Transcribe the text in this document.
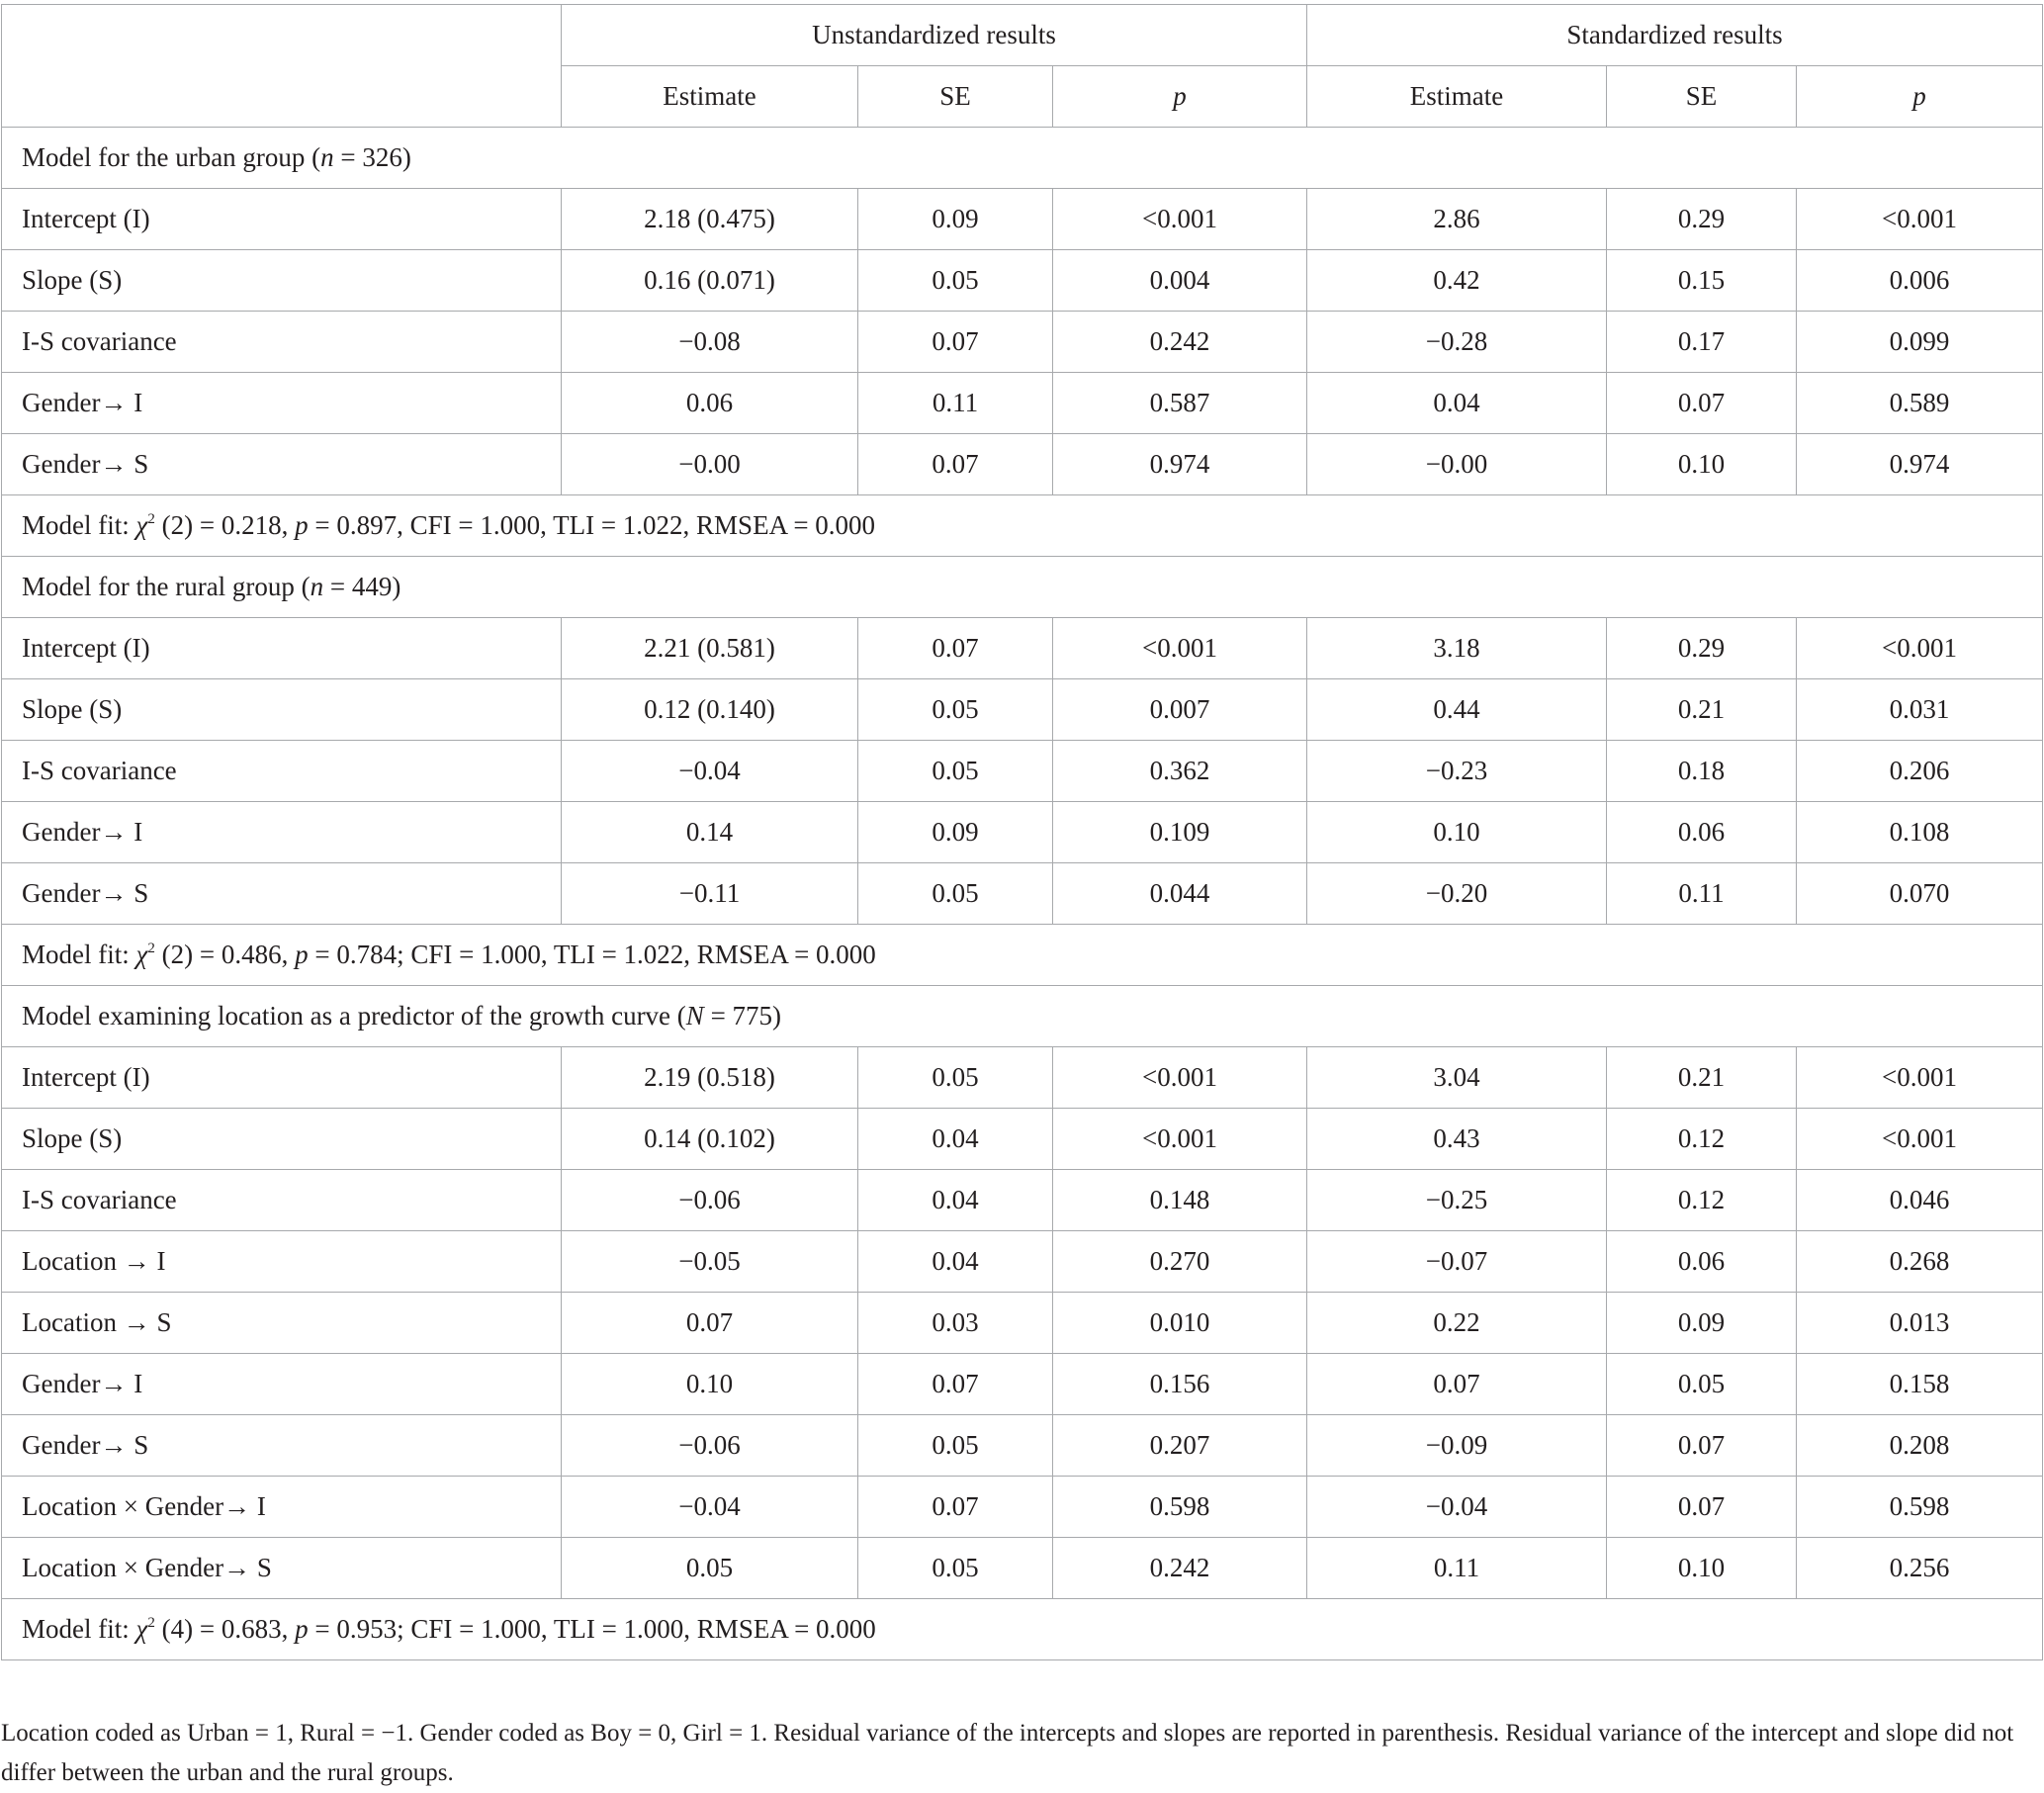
	Unstandardized results			Standardized results		
	Estimate	SE	p	Estimate	SE	p
Model for the urban group (n = 326)						
Intercept (I)	2.18 (0.475)	0.09	<0.001	2.86	0.29	<0.001
Slope (S)	0.16 (0.071)	0.05	0.004	0.42	0.15	0.006
I-S covariance	−0.08	0.07	0.242	−0.28	0.17	0.099
Gender→ I	0.06	0.11	0.587	0.04	0.07	0.589
Gender→ S	−0.00	0.07	0.974	−0.00	0.10	0.974
Model fit: $\chi^2$ (2) = 0.218, p = 0.897, CFI = 1.000, TLI = 1.022, RMSEA = 0.000						
Model for the rural group (n = 449)						
Intercept (I)	2.21 (0.581)	0.07	<0.001	3.18	0.29	<0.001
Slope (S)	0.12 (0.140)	0.05	0.007	0.44	0.21	0.031
I-S covariance	−0.04	0.05	0.362	−0.23	0.18	0.206
Gender→ I	0.14	0.09	0.109	0.10	0.06	0.108
Gender→ S	−0.11	0.05	0.044	−0.20	0.11	0.070
Model fit: $\chi^2$ (2) = 0.486, p = 0.784; CFI = 1.000, TLI = 1.022, RMSEA = 0.000						
Model examining location as a predictor of the growth curve (N = 775)						
Intercept (I)	2.19 (0.518)	0.05	<0.001	3.04	0.21	<0.001
Slope (S)	0.14 (0.102)	0.04	<0.001	0.43	0.12	<0.001
I-S covariance	−0.06	0.04	0.148	−0.25	0.12	0.046
Location → I	−0.05	0.04	0.270	−0.07	0.06	0.268
Location → S	0.07	0.03	0.010	0.22	0.09	0.013
Gender→ I	0.10	0.07	0.156	0.07	0.05	0.158
Gender→ S	−0.06	0.05	0.207	−0.09	0.07	0.208
Location × Gender→ I	−0.04	0.07	0.598	−0.04	0.07	0.598
Location × Gender→ S	0.05	0.05	0.242	0.11	0.10	0.256
Model fit: $\chi^2$ (4) = 0.683, p = 0.953; CFI = 1.000, TLI = 1.000, RMSEA = 0.000						

Location coded as Urban = 1, Rural = −1. Gender coded as Boy = 0, Girl = 1. Residual variance of the intercepts and slopes are reported in parenthesis. Residual variance of the intercept and slope did not differ between the urban and the rural groups.
